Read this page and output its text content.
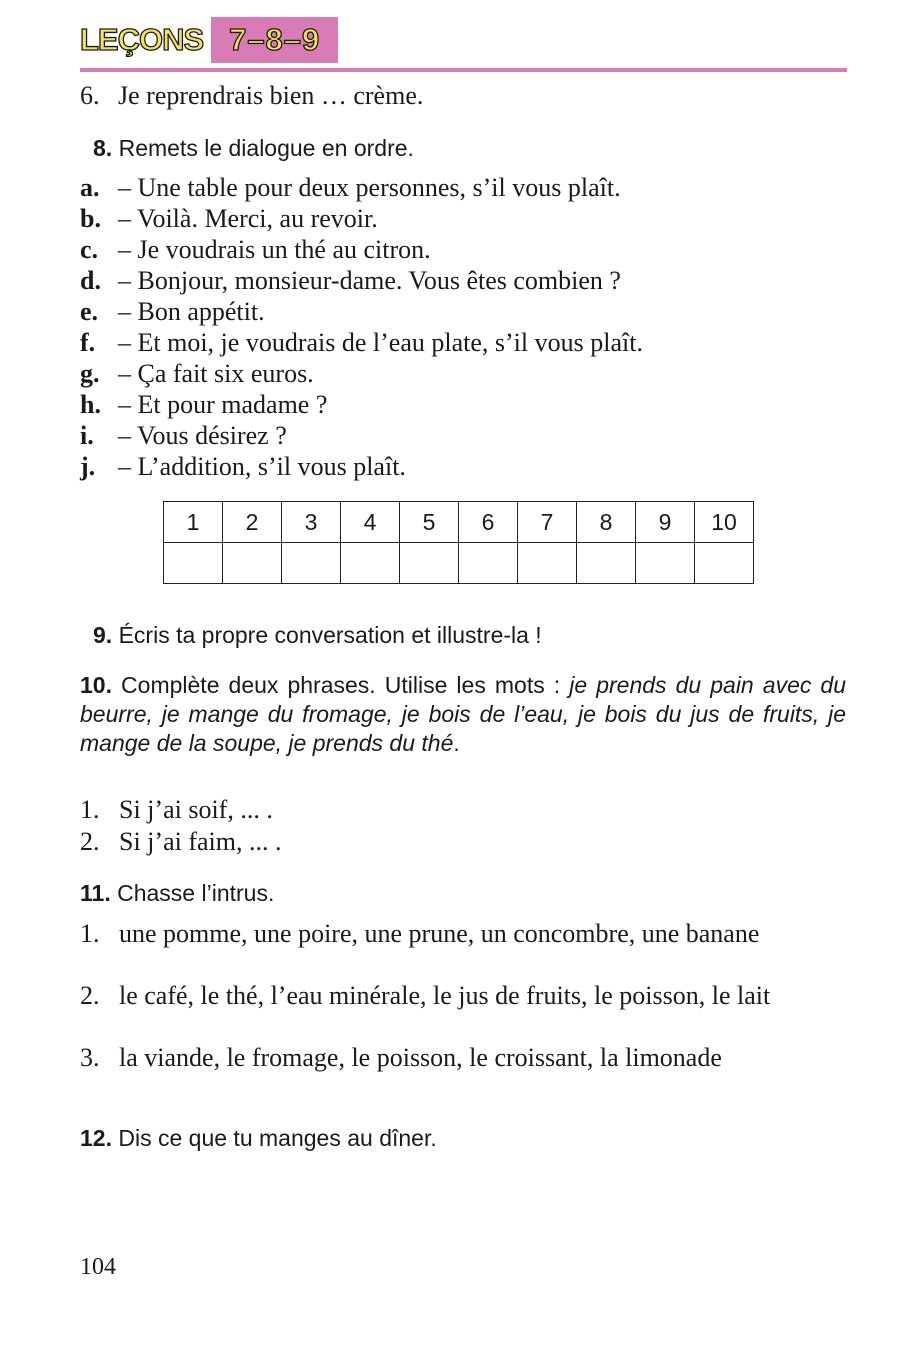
LEÇONS 7–8–9
6. Je reprendrais bien … crème.
8. Remets le dialogue en ordre.
a. – Une table pour deux personnes, s’il vous plaît.
b. – Voilà. Merci, au revoir.
c. – Je voudrais un thé au citron.
d. – Bonjour, monsieur-dame. Vous êtes combien ?
e. – Bon appétit.
f. – Et moi, je voudrais de l’eau plate, s’il vous plaît.
g. – Ça fait six euros.
h. – Et pour madame ?
i. – Vous désirez ?
j. – L’addition, s’il vous plaît.
1	2	3	4	5	6	7	8	9	10

9. Écris ta propre conversation et illustre-la !
10. Complète deux phrases. Utilise les mots : je prends du pain avec du beurre, je mange du fromage, je bois de l’eau, je bois du jus de fruits, je mange de la soupe, je prends du thé.
1. Si j’ai soif, ... .
2. Si j’ai faim, ... .
11. Chasse l’intrus.
1. une pomme, une poire, une prune, un concombre, une banane
2. le café, le thé, l’eau minérale, le jus de fruits, le poisson, le lait
3. la viande, le fromage, le poisson, le croissant, la limonade
12. Dis ce que tu manges au dîner.
104
